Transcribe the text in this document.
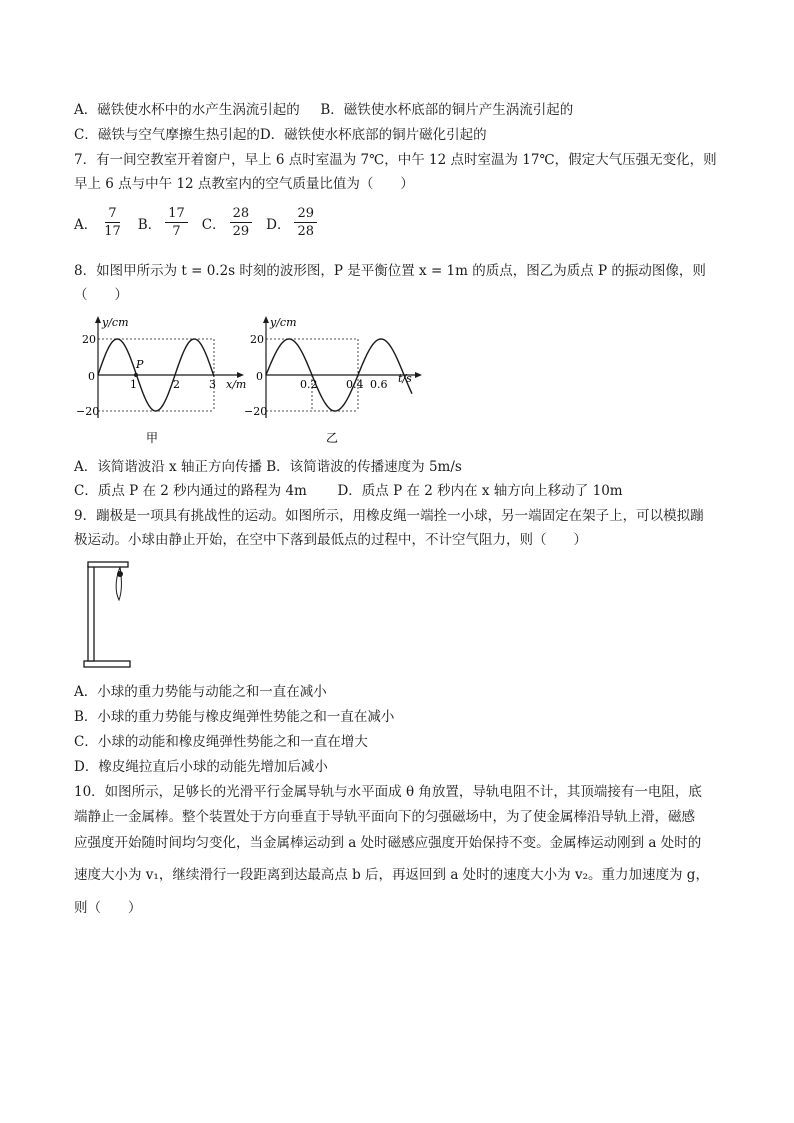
A．磁铁使水杯中的水产生涡流引起的 B．磁铁使水杯底部的铜片产生涡流引起的
C．磁铁与空气摩擦生热引起的D．磁铁使水杯底部的铜片磁化引起的
7．有一间空教室开着窗户，早上 6 点时室温为 7℃，中午 12 点时室温为 17℃，假定大气压强无变化，则
早上 6 点与中午 12 点教室内的空气质量比值为（　　）
A． $\frac{7}{17}$ B． $\frac{17}{7}$ C． $\frac{28}{29}$ D． $\frac{29}{28}$
8．如图甲所示为 t = 0.2s 时刻的波形图，P 是平衡位置 x = 1m 的质点，图乙为质点 P 的振动图像，则
（　　）
y/cm
20
−20
0
P
1	2	3 x/m
甲
y/cm
20
−20
0
0.2	0.4 0.6 t/s
乙
A．该简谐波沿 x 轴正方向传播 B．该简谐波的传播速度为 5m/s
C．质点 P 在 2 秒内通过的路程为 4m D．质点 P 在 2 秒内在 x 轴方向上移动了 10m
9．蹦极是一项具有挑战性的运动。如图所示，用橡皮绳一端拴一小球，另一端固定在架子上，可以模拟蹦
极运动。小球由静止开始，在空中下落到最低点的过程中，不计空气阻力，则（　　）
A．小球的重力势能与动能之和一直在减小
B．小球的重力势能与橡皮绳弹性势能之和一直在减小
C．小球的动能和橡皮绳弹性势能之和一直在增大
D．橡皮绳拉直后小球的动能先增加后减小
10．如图所示，足够长的光滑平行金属导轨与水平面成 θ 角放置，导轨电阻不计，其顶端接有一电阻，底
端静止一金属棒。整个装置处于方向垂直于导轨平面向下的匀强磁场中，为了使金属棒沿导轨上滑，磁感
应强度开始随时间均匀变化，当金属棒运动到 a 处时磁感应强度开始保持不变。金属棒运动刚到 a 处时的
速度大小为 v₁，继续滑行一段距离到达最高点 b 后，再返回到 a 处时的速度大小为 v₂。重力加速度为 g，
则（　　）
